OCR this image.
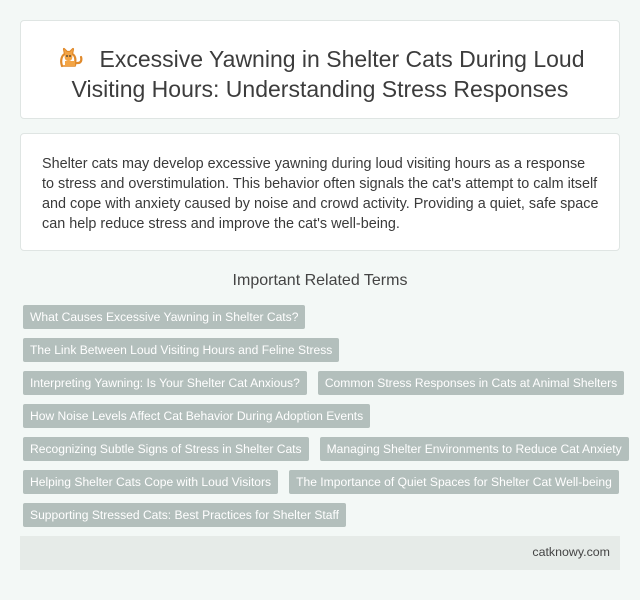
Excessive Yawning in Shelter Cats During Loud
Visiting Hours: Understanding Stress Responses

Shelter cats may develop excessive yawning during loud visiting hours as a response to stress and overstimulation. This behavior often signals the cat's attempt to calm itself and cope with anxiety caused by noise and crowd activity. Providing a quiet, safe space can help reduce stress and improve the cat's well-being.

Important Related Terms
What Causes Excessive Yawning in Shelter Cats?
The Link Between Loud Visiting Hours and Feline Stress
Interpreting Yawning: Is Your Shelter Cat Anxious? Common Stress Responses in Cats at Animal Shelters
How Noise Levels Affect Cat Behavior During Adoption Events
Recognizing Subtle Signs of Stress in Shelter Cats Managing Shelter Environments to Reduce Cat Anxiety
Helping Shelter Cats Cope with Loud Visitors The Importance of Quiet Spaces for Shelter Cat Well-being
Supporting Stressed Cats: Best Practices for Shelter Staff
catknowy.com
